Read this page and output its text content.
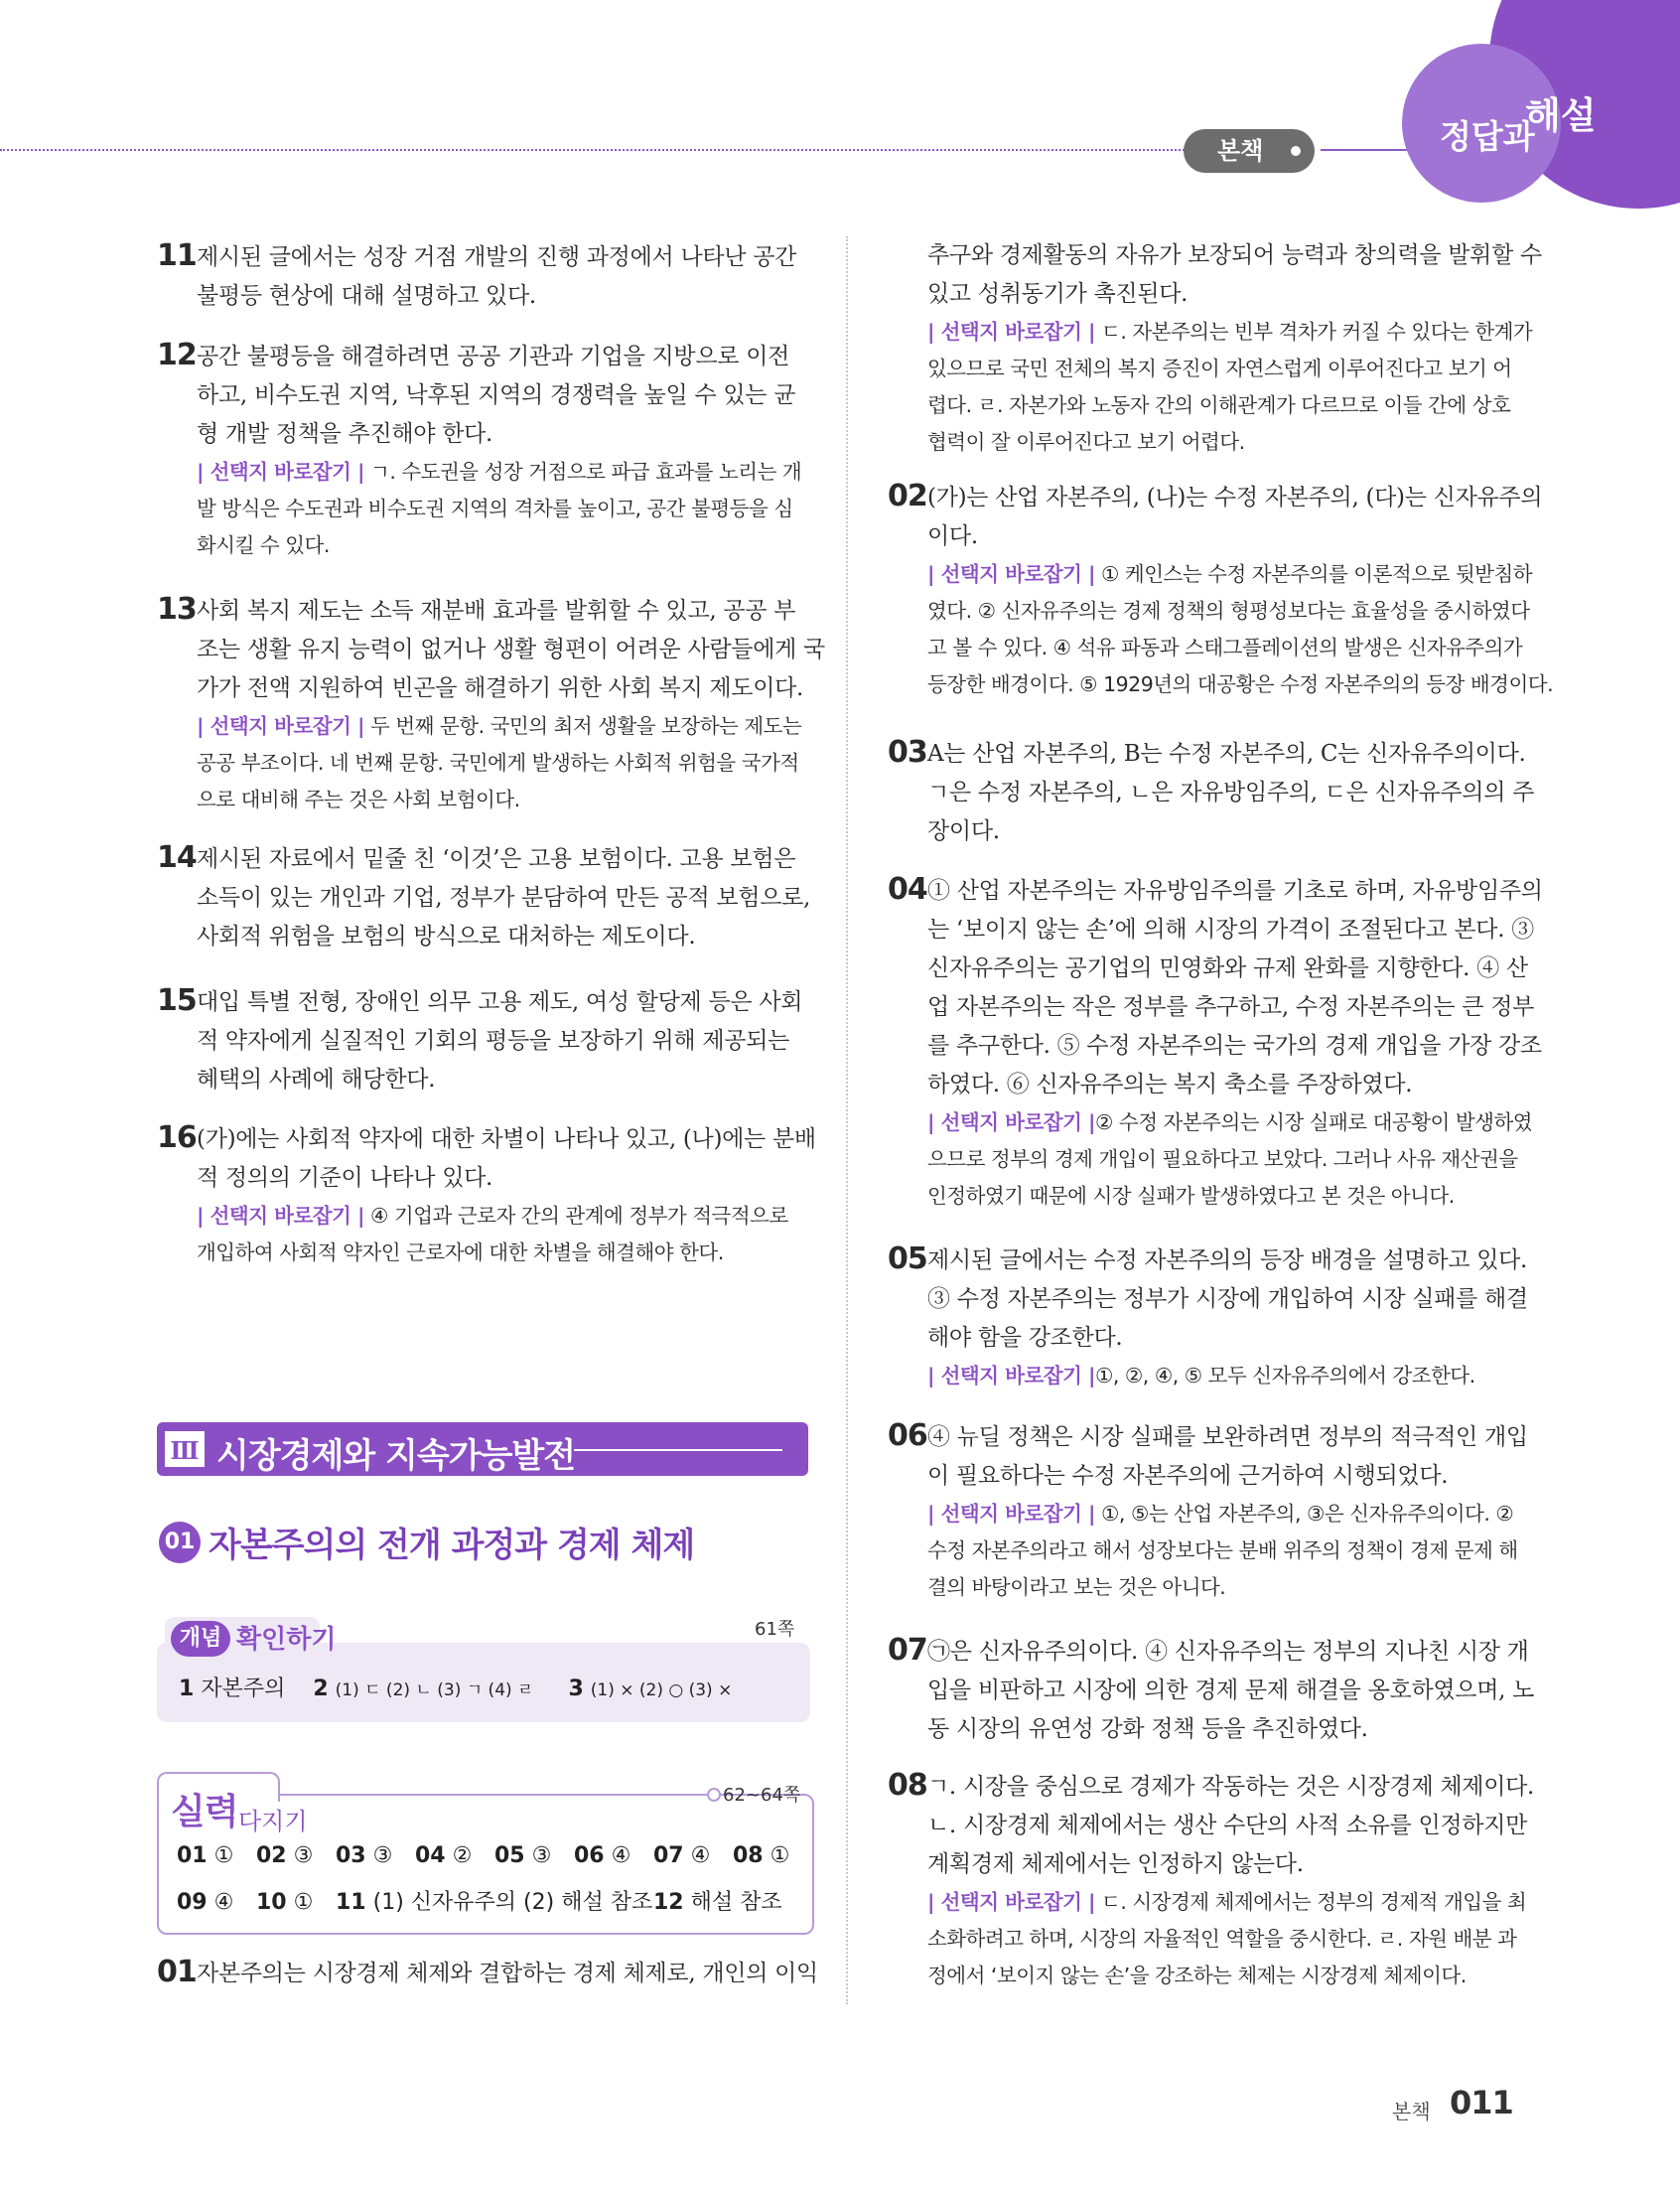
본책	정답과
해설
11 제시된 글에서는 성장 거점 개발의 진행 과정에서 나타난 공간
불평등 현상에 대해 설명하고 있다.
12 공간 불평등을 해결하려면 공공 기관과 기업을 지방으로 이전
하고, 비수도권 지역, 낙후된 지역의 경쟁력을 높일 수 있는 균
형 개발 정책을 추진해야 한다.
| 선택지 바로잡기 | ㄱ. 수도권을 성장 거점으로 파급 효과를 노리는 개
발 방식은 수도권과 비수도권 지역의 격차를 높이고, 공간 불평등을 심
화시킬 수 있다.
13 사회 복지 제도는 소득 재분배 효과를 발휘할 수 있고, 공공 부
조는 생활 유지 능력이 없거나 생활 형편이 어려운 사람들에게 국
가가 전액 지원하여 빈곤을 해결하기 위한 사회 복지 제도이다.
| 선택지 바로잡기 | 두 번째 문항. 국민의 최저 생활을 보장하는 제도는
공공 부조이다. 네 번째 문항. 국민에게 발생하는 사회적 위험을 국가적
으로 대비해 주는 것은 사회 보험이다.
14 제시된 자료에서 밑줄 친 ‘이것’은 고용 보험이다. 고용 보험은
소득이 있는 개인과 기업, 정부가 분담하여 만든 공적 보험으로,
사회적 위험을 보험의 방식으로 대처하는 제도이다.
15 대입 특별 전형, 장애인 의무 고용 제도, 여성 할당제 등은 사회
적 약자에게 실질적인 기회의 평등을 보장하기 위해 제공되는
혜택의 사례에 해당한다.
16 (가)에는 사회적 약자에 대한 차별이 나타나 있고, (나)에는 분배
적 정의의 기준이 나타나 있다.
| 선택지 바로잡기 | ④ 기업과 근로자 간의 관계에 정부가 적극적으로
개입하여 사회적 약자인 근로자에 대한 차별을 해결해야 한다.
Ⅲ 시장경제와 지속가능발전
01 자본주의의 전개 과정과 경제 체제
개념 확인하기	61쪽
1 자본주의 2 (1) ㄷ (2) ㄴ (3) ㄱ (4) ㄹ 3 (1) × (2) ○ (3) ×
실력 다지기
62~64쪽
01 ① 02 ③ 03 ③ 04 ② 05 ③ 06 ④ 07 ④ 08 ①
09 ④ 10 ① 11 (1) 신자유주의 (2) 해설 참조12 해설 참조
01 자본주의는 시장경제 체제와 결합하는 경제 체제로, 개인의 이익
추구와 경제활동의 자유가 보장되어 능력과 창의력을 발휘할 수
있고 성취동기가 촉진된다.
| 선택지 바로잡기 | ㄷ. 자본주의는 빈부 격차가 커질 수 있다는 한계가
있으므로 국민 전체의 복지 증진이 자연스럽게 이루어진다고 보기 어
렵다. ㄹ. 자본가와 노동자 간의 이해관계가 다르므로 이들 간에 상호
협력이 잘 이루어진다고 보기 어렵다.
02 (가)는 산업 자본주의, (나)는 수정 자본주의, (다)는 신자유주의
이다.
| 선택지 바로잡기 | ① 케인스는 수정 자본주의를 이론적으로 뒷받침하
였다. ② 신자유주의는 경제 정책의 형평성보다는 효율성을 중시하였다
고 볼 수 있다. ④ 석유 파동과 스태그플레이션의 발생은 신자유주의가
등장한 배경이다. ⑤ 1929년의 대공황은 수정 자본주의의 등장 배경이다.
03 A는 산업 자본주의, B는 수정 자본주의, C는 신자유주의이다.
ㄱ은 수정 자본주의, ㄴ은 자유방임주의, ㄷ은 신자유주의의 주
장이다.
04 ① 산업 자본주의는 자유방임주의를 기초로 하며, 자유방임주의
는 ‘보이지 않는 손’에 의해 시장의 가격이 조절된다고 본다. ③
신자유주의는 공기업의 민영화와 규제 완화를 지향한다. ④ 산
업 자본주의는 작은 정부를 추구하고, 수정 자본주의는 큰 정부
를 추구한다. ⑤ 수정 자본주의는 국가의 경제 개입을 가장 강조
하였다. ⑥ 신자유주의는 복지 축소를 주장하였다.
| 선택지 바로잡기 |② 수정 자본주의는 시장 실패로 대공황이 발생하였
으므로 정부의 경제 개입이 필요하다고 보았다. 그러나 사유 재산권을
인정하였기 때문에 시장 실패가 발생하였다고 본 것은 아니다.
05 제시된 글에서는 수정 자본주의의 등장 배경을 설명하고 있다.
③ 수정 자본주의는 정부가 시장에 개입하여 시장 실패를 해결
해야 함을 강조한다.
| 선택지 바로잡기 |①, ②, ④, ⑤ 모두 신자유주의에서 강조한다.
06 ④ 뉴딜 정책은 시장 실패를 보완하려면 정부의 적극적인 개입
이 필요하다는 수정 자본주의에 근거하여 시행되었다.
| 선택지 바로잡기 | ①, ⑤는 산업 자본주의, ③은 신자유주의이다. ②
수정 자본주의라고 해서 성장보다는 분배 위주의 정책이 경제 문제 해
결의 바탕이라고 보는 것은 아니다.
07 ㉠은 신자유주의이다. ④ 신자유주의는 정부의 지나친 시장 개
입을 비판하고 시장에 의한 경제 문제 해결을 옹호하였으며, 노
동 시장의 유연성 강화 정책 등을 추진하였다.
08 ㄱ. 시장을 중심으로 경제가 작동하는 것은 시장경제 체제이다.
ㄴ. 시장경제 체제에서는 생산 수단의 사적 소유를 인정하지만
계획경제 체제에서는 인정하지 않는다.
| 선택지 바로잡기 | ㄷ. 시장경제 체제에서는 정부의 경제적 개입을 최
소화하려고 하며, 시장의 자율적인 역할을 중시한다. ㄹ. 자원 배분 과
정에서 ‘보이지 않는 손’을 강조하는 체제는 시장경제 체제이다.
본책 011
